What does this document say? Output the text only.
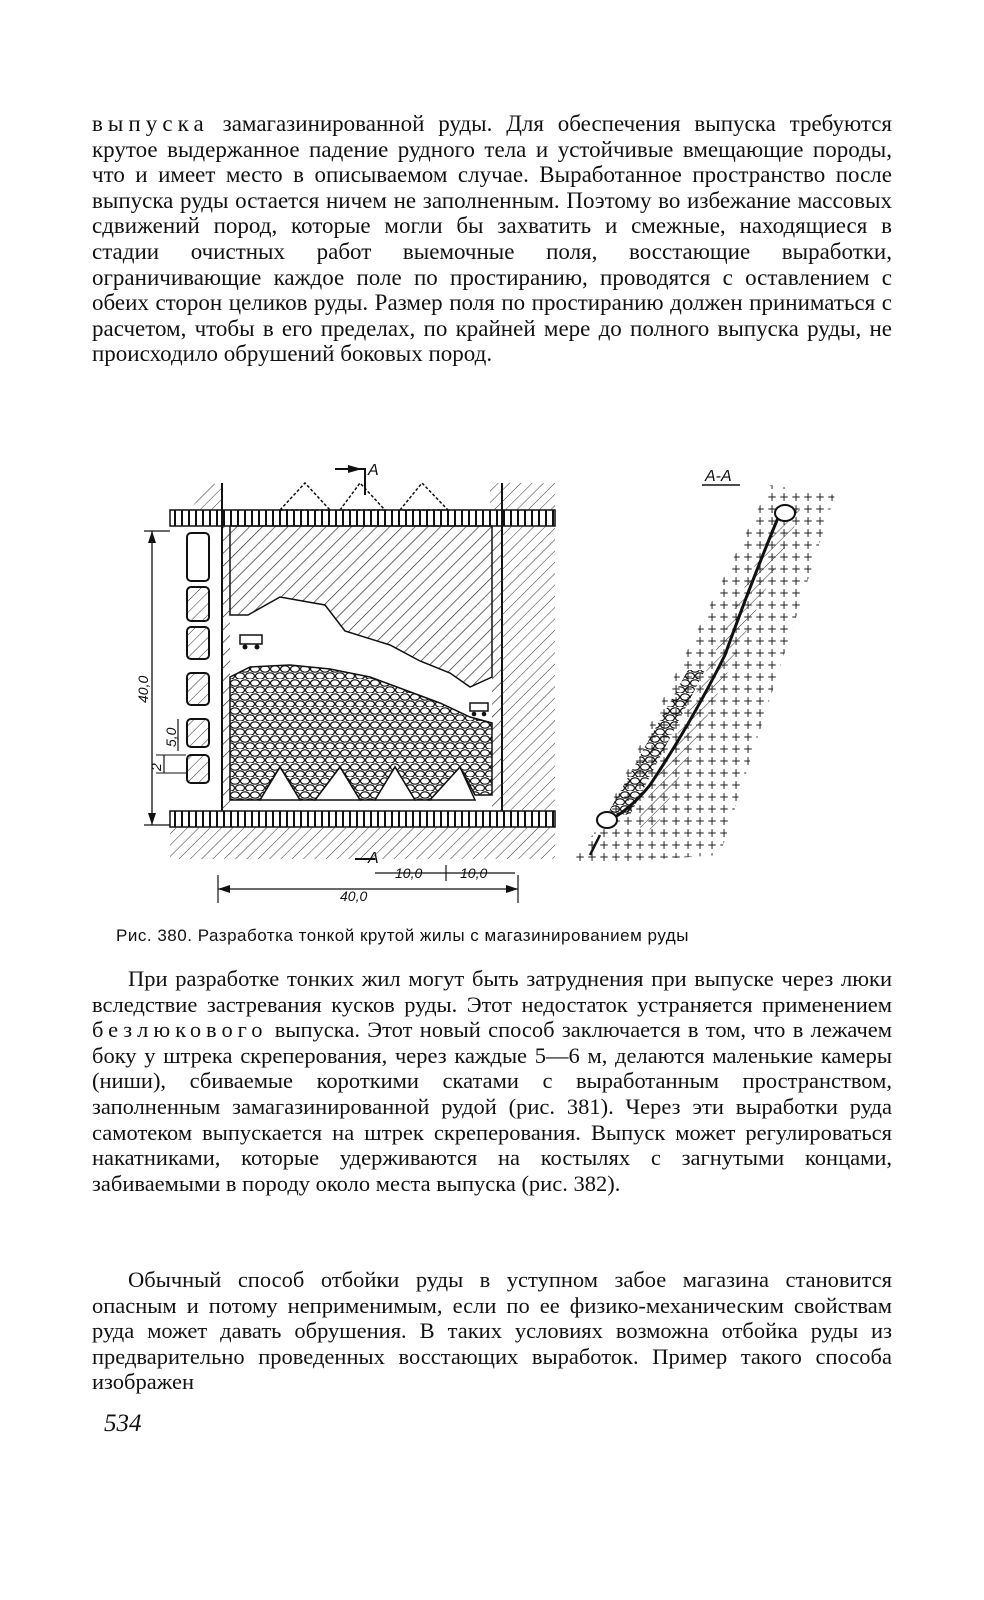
выпуска замагазинированной руды. Для обеспечения выпуска требуются крутое выдержанное падение рудного тела и устойчивые вмещающие породы, что и имеет место в описываемом случае. Выработанное пространство после выпуска руды остается ничем не заполненным. Поэтому во избежание массовых сдвижений пород, которые могли бы захватить и смежные, находящиеся в стадии очистных работ выемочные поля, восстающие выработки, ограничивающие каждое поле по простиранию, проводятся с оставлением с обеих сторон целиков руды. Размер поля по простиранию должен приниматься с расчетом, чтобы в его пределах, по крайней мере до полного выпуска руды, не происходило обрушений боковых пород.

А
А
40,0
5,0
2
10,0	10,0
40,0
А-А
Рис. 380. Разработка тонкой крутой жилы с магазинированием руды

При разработке тонких жил могут быть затруднения при выпуске через люки вследствие застревания кусков руды. Этот недостаток устраняется применением безлюкового выпуска. Этот новый способ заключается в том, что в лежачем боку у штрека скреперования, через каждые 5—6 м, делаются маленькие камеры (ниши), сбиваемые короткими скатами с выработанным пространством, заполненным замагазинированной рудой (рис. 381). Через эти выработки руда самотеком выпускается на штрек скреперования. Выпуск может регулироваться накатниками, которые удерживаются на костылях с загнутыми концами, забиваемыми в породу около места выпуска (рис. 382).

Обычный способ отбойки руды в уступном забое магазина становится опасным и потому неприменимым, если по ее физико-механическим свойствам руда может давать обрушения. В таких условиях возможна отбойка руды из предварительно проведенных восстающих выработок. Пример такого способа изображен

534
